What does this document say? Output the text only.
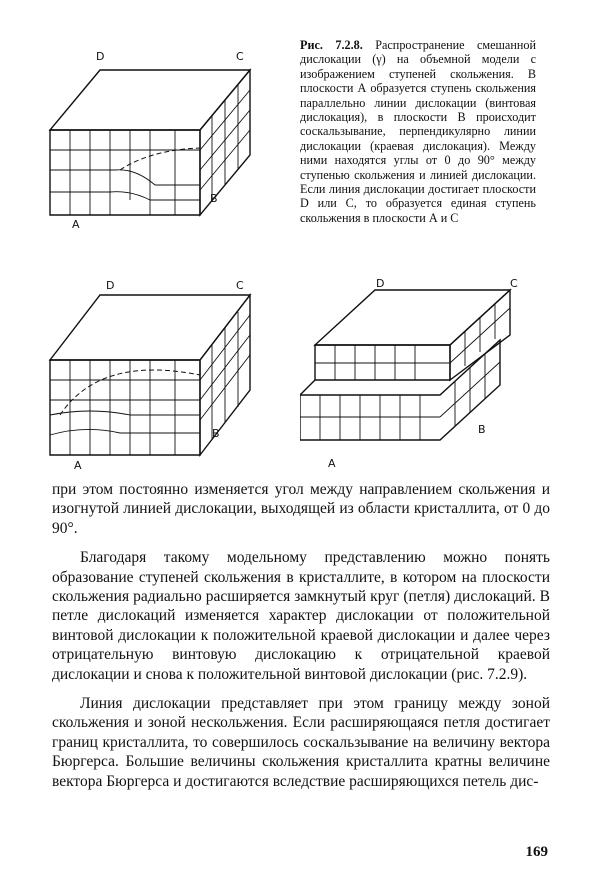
D	C
A
B
Рис. 7.2.8. Распространение смешанной дислокации (γ) на объемной модели с изображением ступеней скольжения. В плоскости А образуется ступень скольжения параллельно линии дислокации (винтовая дислокация), в плоскости B происходит соскальзывание, перпендикулярно линии дислокации (краевая дислокация). Между ними находятся углы от 0 до 90° между ступенью скольжения и линией дислокации. Если линия дислокации достигает плоскости D или C, то образуется единая ступень скольжения в плоскости А и C
D	C
A
B
D	C
A
B

при этом постоянно изменяется угол между направлением скольжения и изогнутой линией дислокации, выходящей из области кристаллита, от 0 до 90°.

Благодаря такому модельному представлению можно понять образование ступеней скольжения в кристаллите, в котором на плоскости скольжения радиально расширяется замкнутый круг (петля) дислокаций. В петле дислокаций изменяется характер дислокации от положительной винтовой дислокации к положительной краевой дислокации и далее через отрицательную винтовую дислокацию к отрицательной краевой дислокации и снова к положительной винтовой дислокации (рис. 7.2.9).

Линия дислокации представляет при этом границу между зоной скольжения и зоной нескольжения. Если расширяющаяся петля достигает границ кристаллита, то совершилось соскальзывание на величину вектора Бюргерса. Большие величины скольжения кристаллита кратны величине вектора Бюргерса и достигаются вследствие расширяющихся петель дис-

169
